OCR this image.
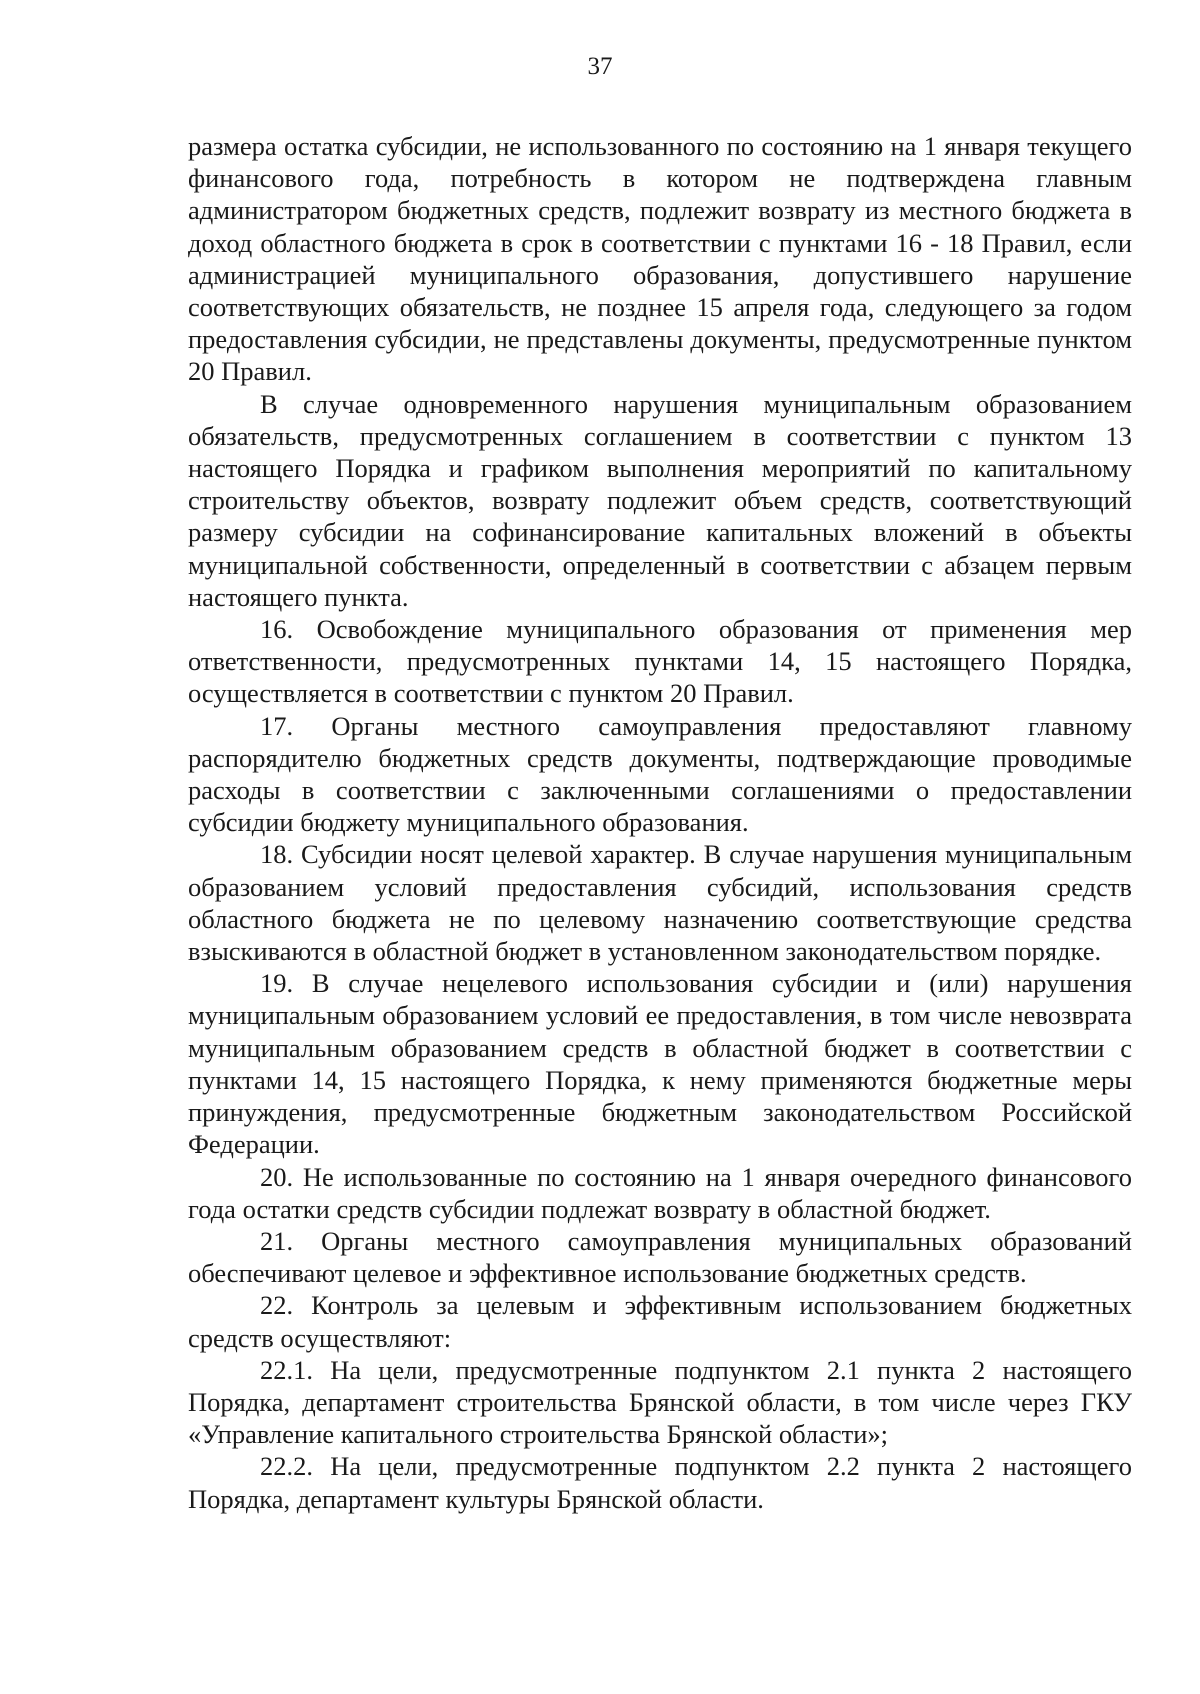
37

размера остатка субсидии, не использованного по состоянию на 1 января текущего финансового года, потребность в котором не подтверждена главным администратором бюджетных средств, подлежит возврату из местного бюджета в доход областного бюджета в срок в соответствии с пунктами 16 - 18 Правил, если администрацией муниципального образования, допустившего нарушение соответствующих обязательств, не позднее 15 апреля года, следующего за годом предоставления субсидии, не представлены документы, предусмотренные пунктом 20 Правил.

В случае одновременного нарушения муниципальным образованием обязательств, предусмотренных соглашением в соответствии с пунктом 13 настоящего Порядка и графиком выполнения мероприятий по капитальному строительству объектов, возврату подлежит объем средств, соответствующий размеру субсидии на софинансирование капитальных вложений в объекты муниципальной собственности, определенный в соответствии с абзацем первым настоящего пункта.

16. Освобождение муниципального образования от применения мер ответственности, предусмотренных пунктами 14, 15 настоящего Порядка, осуществляется в соответствии с пунктом 20 Правил.

17. Органы местного самоуправления предоставляют главному распорядителю бюджетных средств документы, подтверждающие проводимые расходы в соответствии с заключенными соглашениями о предоставлении субсидии бюджету муниципального образования.

18. Субсидии носят целевой характер. В случае нарушения муниципальным образованием условий предоставления субсидий, использования средств областного бюджета не по целевому назначению соответствующие средства взыскиваются в областной бюджет в установленном законодательством порядке.

19. В случае нецелевого использования субсидии и (или) нарушения муниципальным образованием условий ее предоставления, в том числе невозврата муниципальным образованием средств в областной бюджет в соответствии с пунктами 14, 15 настоящего Порядка, к нему применяются бюджетные меры принуждения, предусмотренные бюджетным законодательством Российской Федерации.

20. Не использованные по состоянию на 1 января очередного финансового года остатки средств субсидии подлежат возврату в областной бюджет.

21. Органы местного самоуправления муниципальных образований обеспечивают целевое и эффективное использование бюджетных средств.

22. Контроль за целевым и эффективным использованием бюджетных средств осуществляют:

22.1. На цели, предусмотренные подпунктом 2.1 пункта 2 настоящего Порядка, департамент строительства Брянской области, в том числе через ГКУ «Управление капитального строительства Брянской области»;

22.2. На цели, предусмотренные подпунктом 2.2 пункта 2 настоящего Порядка, департамент культуры Брянской области.
